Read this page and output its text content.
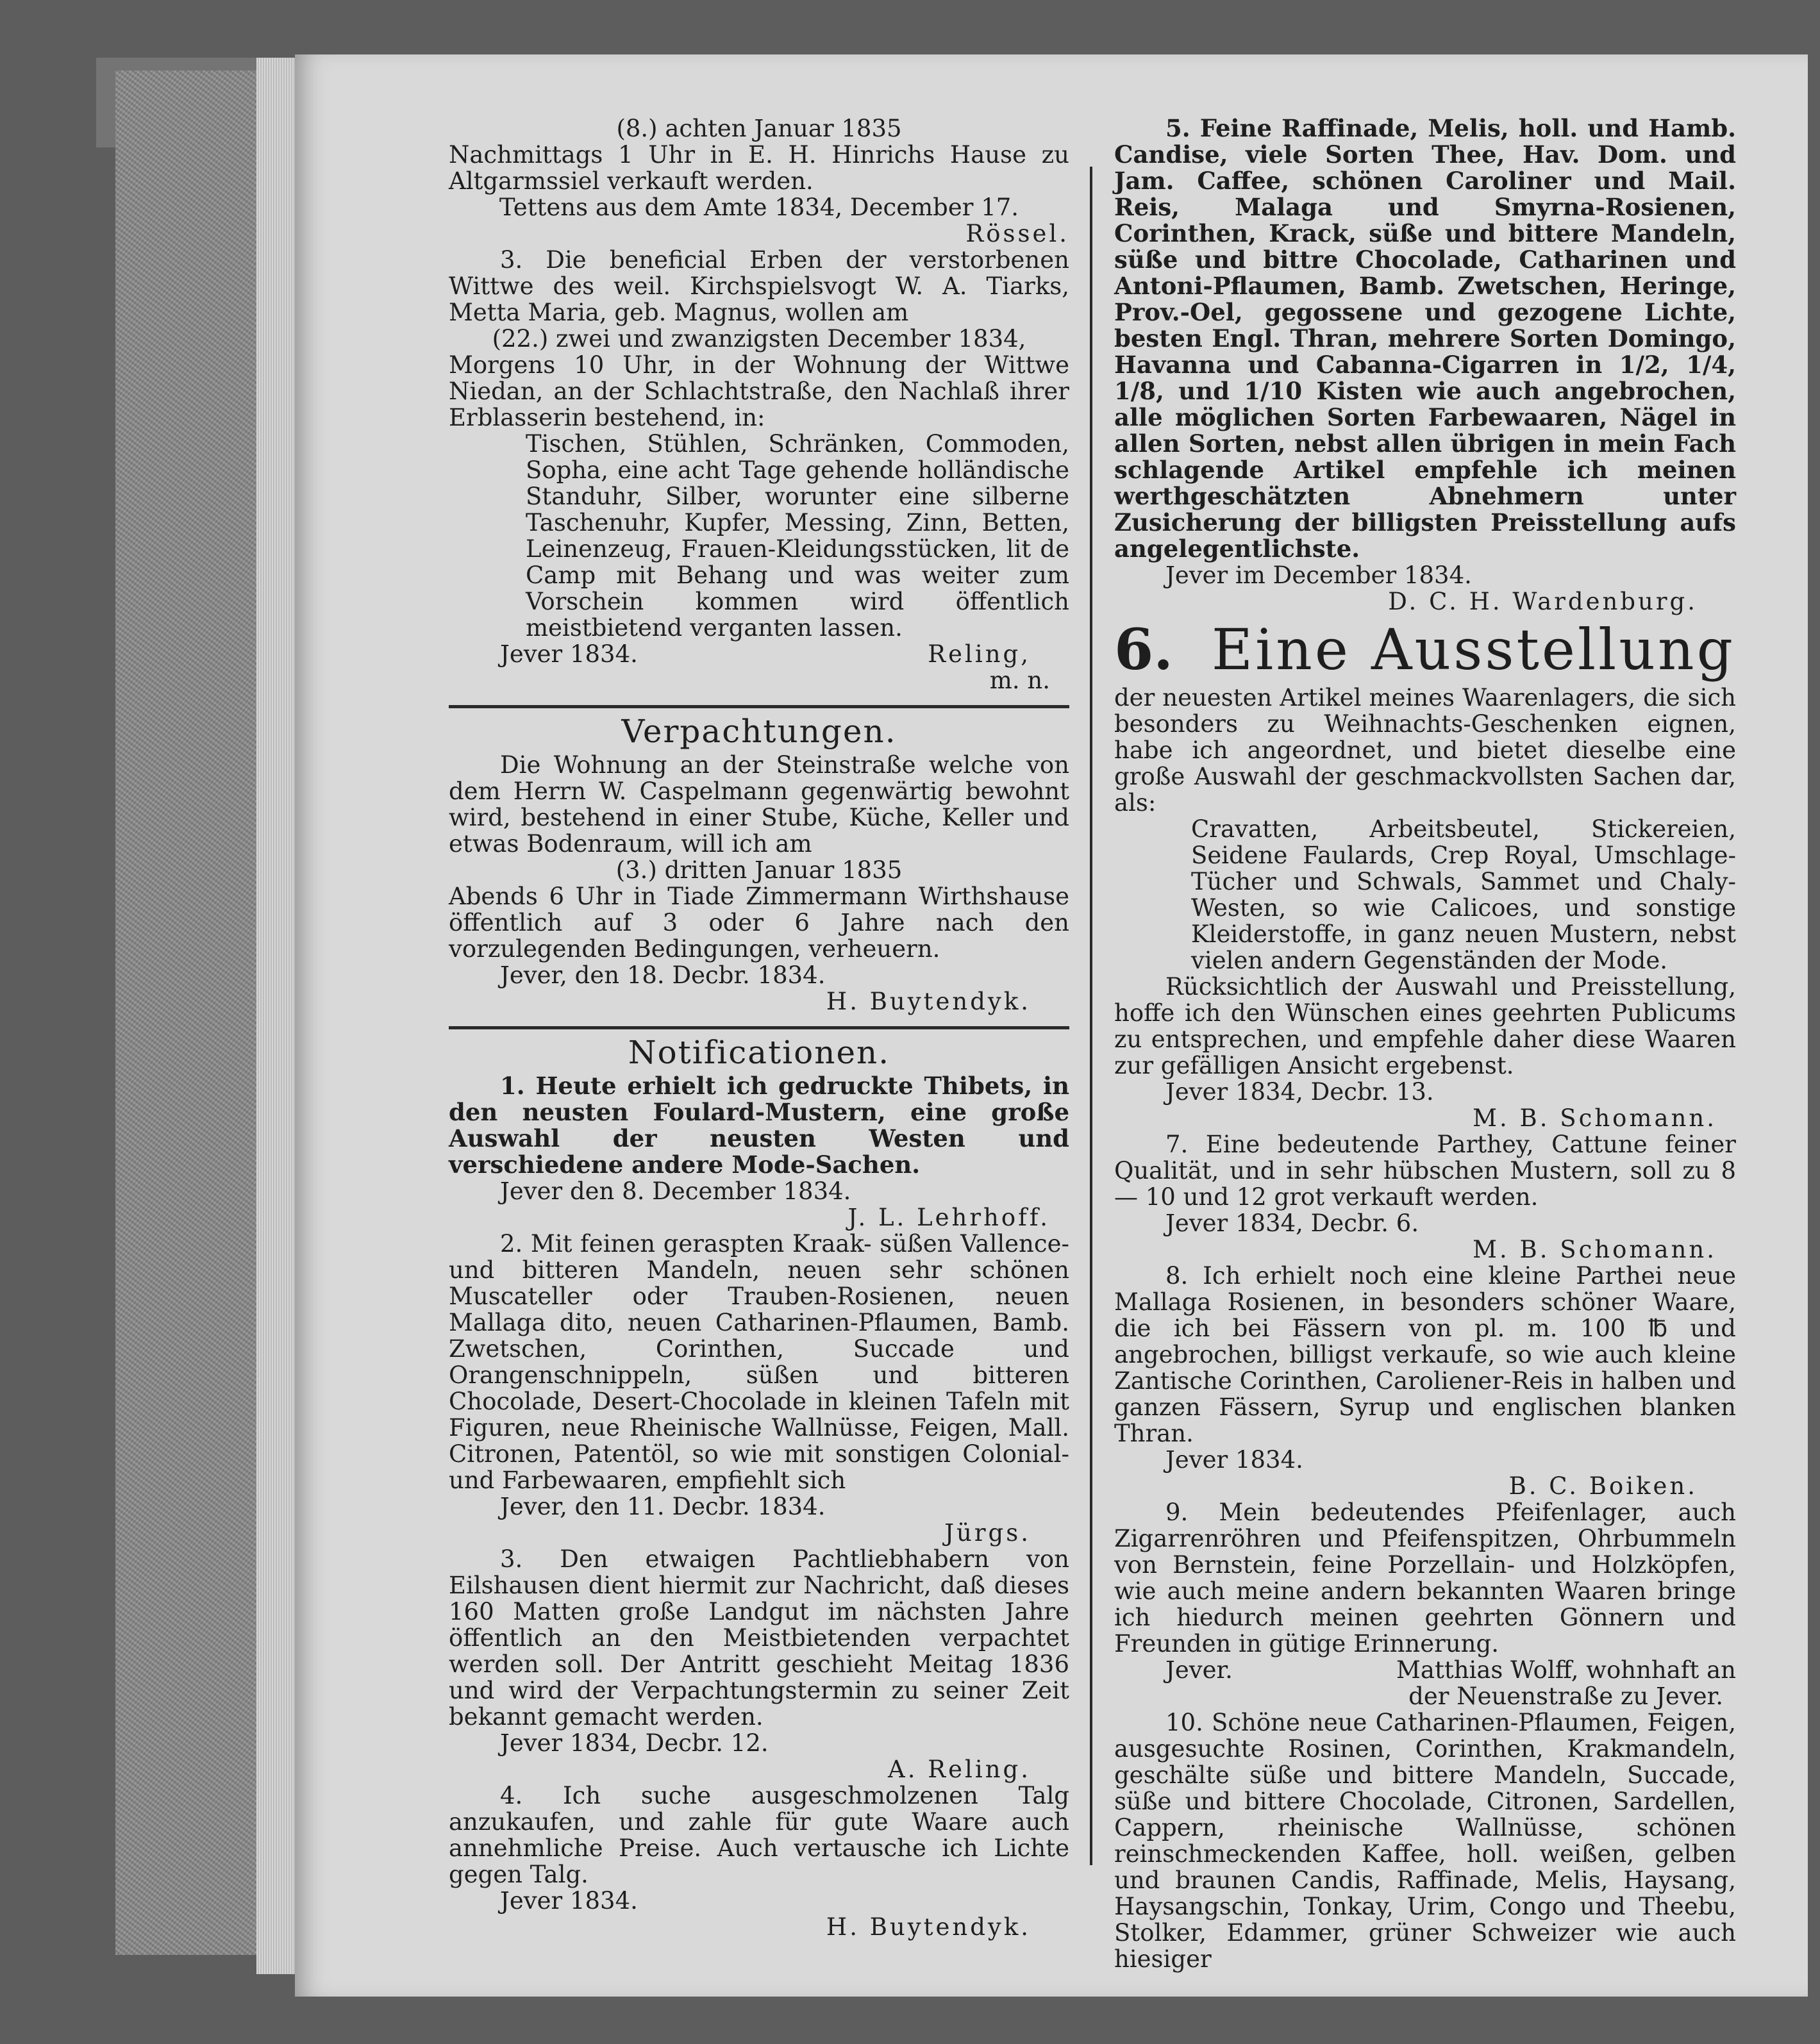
(8.) achten Januar 1835

Nachmittags 1 Uhr in E. H. Hinrichs Hause zu Altgarmssiel verkauft werden.

Tettens aus dem Amte 1834, December 17.

Rössel.

3. Die beneficial Erben der verstorbenen Wittwe des weil. Kirchspielsvogt W. A. Tiarks, Metta Maria, geb. Magnus, wollen am

(22.) zwei und zwanzigsten December 1834,

Morgens 10 Uhr, in der Wohnung der Wittwe Niedan, an der Schlachtstraße, den Nachlaß ihrer Erblasserin bestehend, in:

Tischen, Stühlen, Schränken, Commoden, Sopha, eine acht Tage gehende holländische Standuhr, Silber, worunter eine silberne Taschenuhr, Kupfer, Messing, Zinn, Betten, Leinenzeug, Frauen-Kleidungsstücken, lit de Camp mit Behang und was weiter zum Vorschein kommen wird öffentlich meistbietend verganten lassen.

Jever 1834.	Reling,

m. n.

Verpachtungen.

Die Wohnung an der Steinstraße welche von dem Herrn W. Caspelmann gegenwärtig bewohnt wird, bestehend in einer Stube, Küche, Keller und etwas Bodenraum, will ich am

(3.) dritten Januar 1835

Abends 6 Uhr in Tiade Zimmermann Wirthshause öffentlich auf 3 oder 6 Jahre nach den vorzulegenden Bedingungen, verheuern.

Jever, den 18. Decbr. 1834.

H. Buytendyk.

Notificationen.

1. Heute erhielt ich gedruckte Thibets, in den neusten Foulard-Mustern, eine große Auswahl der neusten Westen und verschiedene andere Mode-Sachen.

Jever den 8. December 1834.

J. L. Lehrhoff.

2. Mit feinen geraspten Kraak- süßen Vallence- und bitteren Mandeln, neuen sehr schönen Muscateller oder Trauben-Rosienen, neuen Mallaga dito, neuen Catharinen-Pflaumen, Bamb. Zwetschen, Corinthen, Succade und Orangenschnippeln, süßen und bitteren Chocolade, Desert-Chocolade in kleinen Tafeln mit Figuren, neue Rheinische Wallnüsse, Feigen, Mall. Citronen, Patentöl, so wie mit sonstigen Colonial- und Farbewaaren, empfiehlt sich

Jever, den 11. Decbr. 1834.

Jürgs.

3. Den etwaigen Pachtliebhabern von Eilshausen dient hiermit zur Nachricht, daß dieses 160 Matten große Landgut im nächsten Jahre öffentlich an den Meistbietenden verpachtet werden soll. Der Antritt geschieht Meitag 1836 und wird der Verpachtungstermin zu seiner Zeit bekannt gemacht werden.

Jever 1834, Decbr. 12.

A. Reling.

4. Ich suche ausgeschmolzenen Talg anzukaufen, und zahle für gute Waare auch annehmliche Preise. Auch vertausche ich Lichte gegen Talg.

Jever 1834.

H. Buytendyk.

5. Feine Raffinade, Melis, holl. und Hamb. Candise, viele Sorten Thee, Hav. Dom. und Jam. Caffee, schönen Caroliner und Mail. Reis, Malaga und Smyrna-Rosienen, Corinthen, Krack, süße und bittere Mandeln, süße und bittre Chocolade, Catharinen und Antoni-Pflaumen, Bamb. Zwetschen, Heringe, Prov.-Oel, gegossene und gezogene Lichte, besten Engl. Thran, mehrere Sorten Domingo, Havanna und Cabanna-Cigarren in 1/2, 1/4, 1/8, und 1/10 Kisten wie auch angebrochen, alle möglichen Sorten Farbewaaren, Nägel in allen Sorten, nebst allen übrigen in mein Fach schlagende Artikel empfehle ich meinen werthgeschätzten Abnehmern unter Zusicherung der billigsten Preisstellung aufs angelegentlichste.

Jever im December 1834.

D. C. H. Wardenburg.

6. Eine Ausstellung

der neuesten Artikel meines Waarenlagers, die sich besonders zu Weihnachts-Geschenken eignen, habe ich angeordnet, und bietet dieselbe eine große Auswahl der geschmackvollsten Sachen dar, als:

Cravatten, Arbeitsbeutel, Stickereien, Seidene Faulards, Crep Royal, Umschlage-Tücher und Schwals, Sammet und Chaly-Westen, so wie Calicoes, und sonstige Kleiderstoffe, in ganz neuen Mustern, nebst vielen andern Gegenständen der Mode.

Rücksichtlich der Auswahl und Preisstellung, hoffe ich den Wünschen eines geehrten Publicums zu entsprechen, und empfehle daher diese Waaren zur gefälligen Ansicht ergebenst.

Jever 1834, Decbr. 13.

M. B. Schomann.

7. Eine bedeutende Parthey, Cattune feiner Qualität, und in sehr hübschen Mustern, soll zu 8 — 10 und 12 grot verkauft werden.

Jever 1834, Decbr. 6.

M. B. Schomann.

8. Ich erhielt noch eine kleine Parthei neue Mallaga Rosienen, in besonders schöner Waare, die ich bei Fässern von pl. m. 100 ℔ und angebrochen, billigst verkaufe, so wie auch kleine Zantische Corinthen, Caroliener-Reis in halben und ganzen Fässern, Syrup und englischen blanken Thran.

Jever 1834.

B. C. Boiken.

9. Mein bedeutendes Pfeifenlager, auch Zigarrenröhren und Pfeifenspitzen, Ohrbummeln von Bernstein, feine Porzellain- und Holzköpfen, wie auch meine andern bekannten Waaren bringe ich hiedurch meinen geehrten Gönnern und Freunden in gütige Erinnerung.

Jever.	Matthias Wolff, wohnhaft an

der Neuenstraße zu Jever.

10. Schöne neue Catharinen-Pflaumen, Feigen, ausgesuchte Rosinen, Corinthen, Krakmandeln, geschälte süße und bittere Mandeln, Succade, süße und bittere Chocolade, Citronen, Sardellen, Cappern, rheinische Wallnüsse, schönen reinschmeckenden Kaffee, holl. weißen, gelben und braunen Candis, Raffinade, Melis, Haysang, Haysangschin, Tonkay, Urim, Congo und Theebu, Stolker, Edammer, grüner Schweizer wie auch hiesiger
